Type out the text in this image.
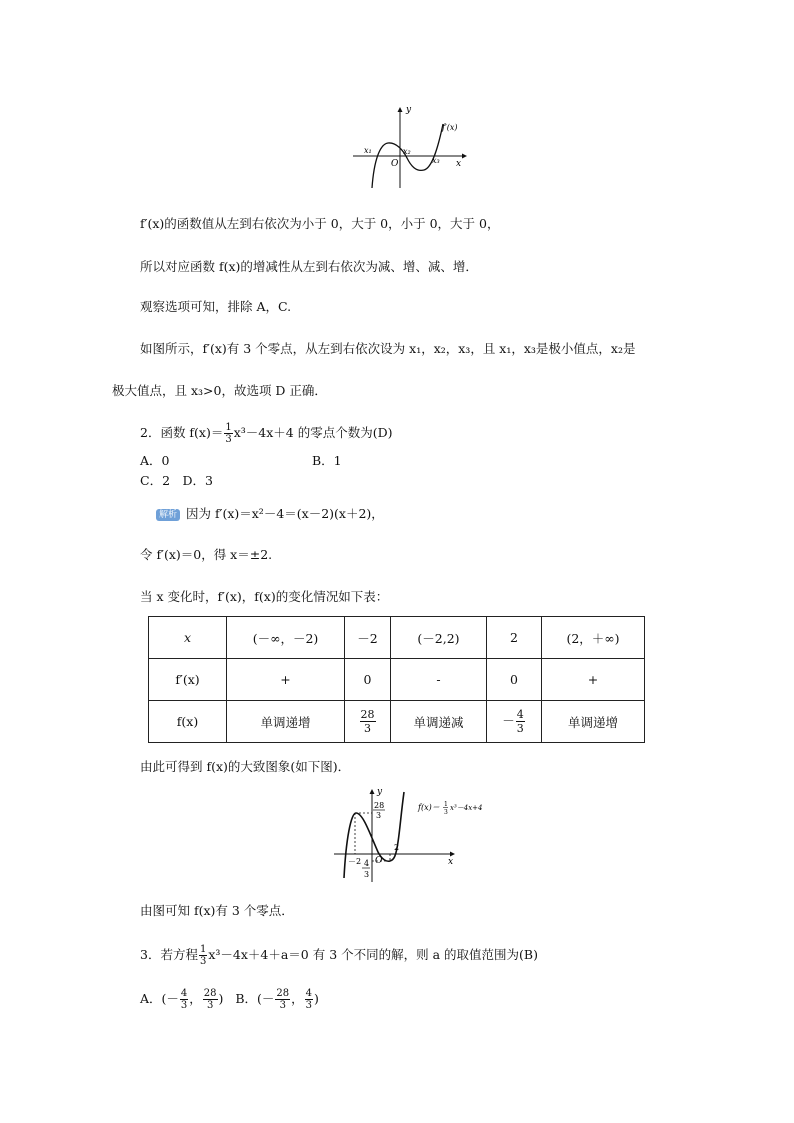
y
f′(x)
x₁	x₂
x₃
O	x
f′(x)的函数值从左到右依次为小于 0，大于 0，小于 0，大于 0，
所以对应函数 f(x)的增减性从左到右依次为减、增、减、增．
观察选项可知，排除 A，C.
如图所示，f′(x)有 3 个零点，从左到右依次设为 x₁，x₂，x₃，且 x₁，x₃是极小值点，x₂是
极大值点，且 x₃>0，故选项 D 正确．
2．函数 $f(x)= \frac{1}{3} x^3-4x+4$ 的零点个数为(D)
A．0	B．1
C．2　D．3
解析 因为 f′(x)＝x²－4＝(x－2)(x＋2)，
令 f′(x)＝0，得 x＝±2.
当 x 变化时，f′(x)，f(x)的变化情况如下表：
x	(－∞，－2)	－2	(－2,2)	2	(2，＋∞)
f′(x)	+	0	-	0	+
f(x)	单调递增	$\frac{28}{3}$	单调递减	－ $\frac{4}{3}$	单调递增
由此可得到 f(x)的大致图象(如下图)．
y
28
3
f(x)＝ 1
3
x³－4x+4
2
－2 O
4
3
x
由图可知 f(x)有 3 个零点．
3．若方程 $\frac{1}{3} x^3-4x+4+a=0$ 有 3 个不同的解，则 a 的取值范围为(B)
A．(－ $\frac{4}{3}$ ， $\frac{28}{3}$ ) B．(－ $\frac{28}{3}$ ， $\frac{4}{3}$ )
